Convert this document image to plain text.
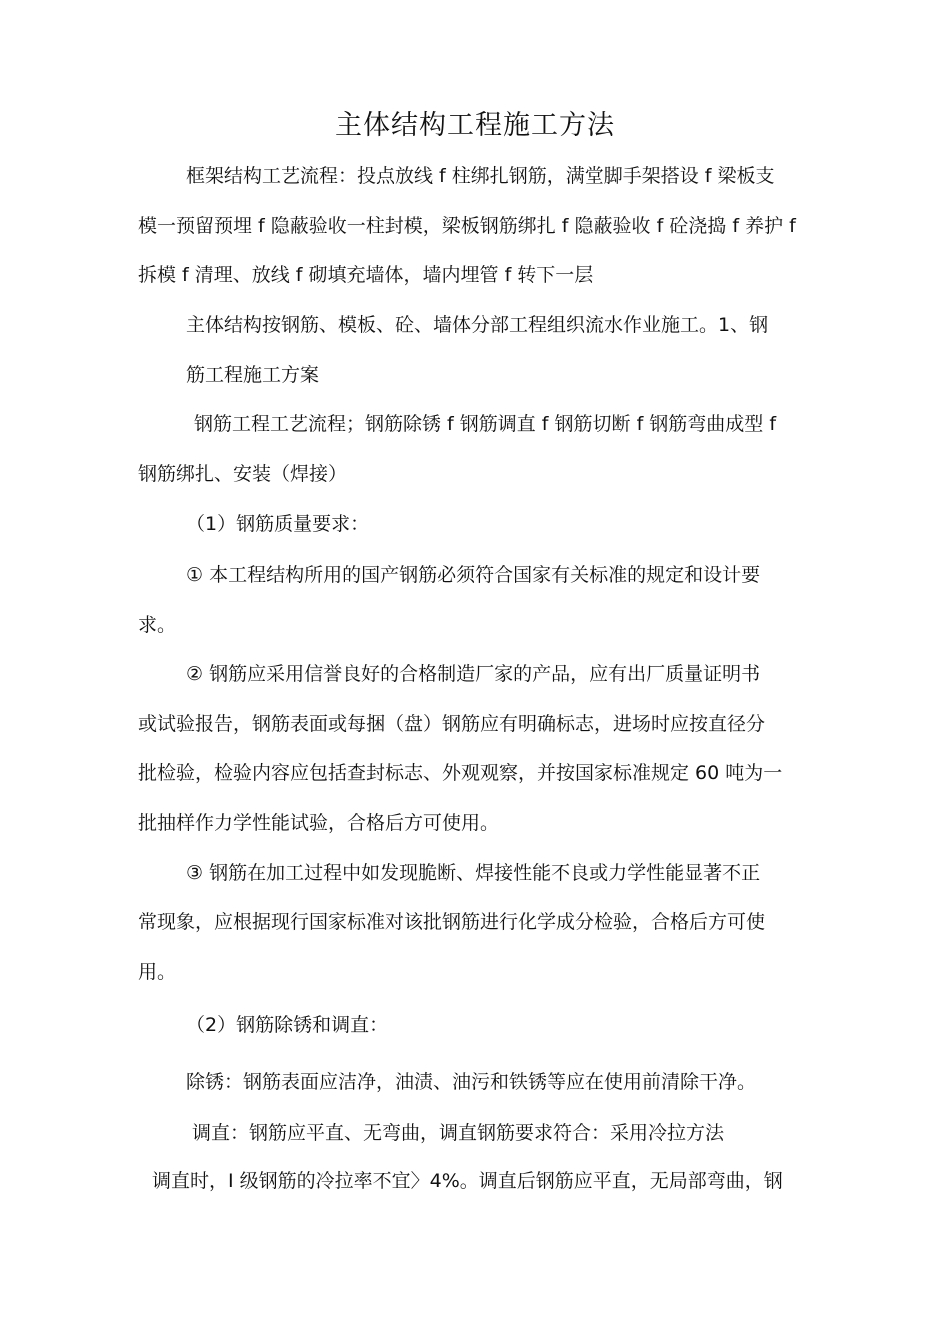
主体结构工程施工方法

框架结构工艺流程：投点放线 f 柱绑扎钢筋，满堂脚手架搭设 f 梁板支

模一预留预埋 f 隐蔽验收一柱封模，梁板钢筋绑扎 f 隐蔽验收 f 砼浇捣 f 养护 f

拆模 f 清理、放线 f 砌填充墙体，墙内埋管 f 转下一层

主体结构按钢筋、模板、砼、墙体分部工程组织流水作业施工。1、钢

筋工程施工方案

钢筋工程工艺流程；钢筋除锈 f 钢筋调直 f 钢筋切断 f 钢筋弯曲成型 f

钢筋绑扎、安装（焊接）

（1）钢筋质量要求：

① 本工程结构所用的国产钢筋必须符合国家有关标准的规定和设计要

求。

② 钢筋应采用信誉良好的合格制造厂家的产品，应有出厂质量证明书

或试验报告，钢筋表面或每捆（盘）钢筋应有明确标志，进场时应按直径分

批检验，检验内容应包括查封标志、外观观察，并按国家标准规定 60 吨为一

批抽样作力学性能试验，合格后方可使用。

③ 钢筋在加工过程中如发现脆断、焊接性能不良或力学性能显著不正

常现象，应根据现行国家标准对该批钢筋进行化学成分检验，合格后方可使

用。

（2）钢筋除锈和调直：

除锈：钢筋表面应洁净，油渍、油污和铁锈等应在使用前清除干净。

调直：钢筋应平直、无弯曲，调直钢筋要求符合：采用冷拉方法

调直时，I 级钢筋的冷拉率不宜〉4%。调直后钢筋应平直，无局部弯曲，钢
